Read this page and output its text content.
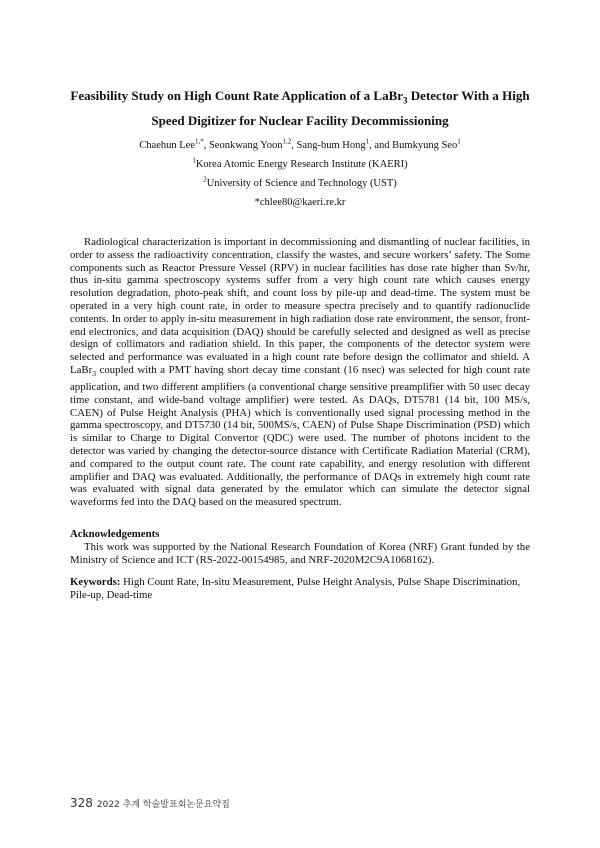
Feasibility Study on High Count Rate Application of a LaBr$_3$ Detector With a High Speed Digitizer for Nuclear Facility Decommissioning
Chaehun Lee$^{1,*}$, Seonkwang Yoon$^{1,2}$, Sang-bum Hong$^1$, and Bumkyung Seo$^1$
$^1$Korea Atomic Energy Research Institute (KAERI)
$^2$University of Science and Technology (UST)
*chlee80@kaeri.re.kr

Radiological characterization is important in decommissioning and dismantling of nuclear facilities, in order to assess the radioactivity concentration, classify the wastes, and secure workers’ safety. The Some components such as Reactor Pressure Vessel (RPV) in nuclear facilities has dose rate higher than Sv/hr, thus in-situ gamma spectroscopy systems suffer from a very high count rate which causes energy resolution degradation, photo-peak shift, and count loss by pile-up and dead-time. The system must be operated in a very high count rate, in order to measure spectra precisely and to quantify radionuclide contents. In order to apply in-situ measurement in high radiation dose rate environment, the sensor, front-end electronics, and data acquisition (DAQ) should be carefully selected and designed as well as precise design of collimators and radiation shield. In this paper, the components of the detector system were selected and performance was evaluated in a high count rate before design the collimator and shield. A LaBr$_3$ coupled with a PMT having short decay time constant (16 nsec) was selected for high count rate application, and two different amplifiers (a conventional charge sensitive preamplifier with 50 usec decay time constant, and wide-band voltage amplifier) were tested. As DAQs, DT5781 (14 bit, 100 MS/s, CAEN) of Pulse Height Analysis (PHA) which is conventionally used signal processing method in the gamma spectroscopy, and DT5730 (14 bit, 500MS/s, CAEN) of Pulse Shape Discrimination (PSD) which is similar to Charge to Digital Convertor (QDC) were used. The number of photons incident to the detector was varied by changing the detector-source distance with Certificate Radiation Material (CRM), and compared to the output count rate. The count rate capability, and energy resolution with different amplifier and DAQ was evaluated. Additionally, the performance of DAQs in extremely high count rate was evaluated with signal data generated by the emulator which can simulate the detector signal waveforms fed into the DAQ based on the measured spectrum.

Acknowledgements

This work was supported by the National Research Foundation of Korea (NRF) Grant funded by the Ministry of Science and ICT (RS-2022-00154985, and NRF-2020M2C9A1068162).

Keywords: High Count Rate, In-situ Measurement, Pulse Height Analysis, Pulse Shape Discrimination, Pile-up, Dead-time

328 2022 추계 학술발표회논문요약집
